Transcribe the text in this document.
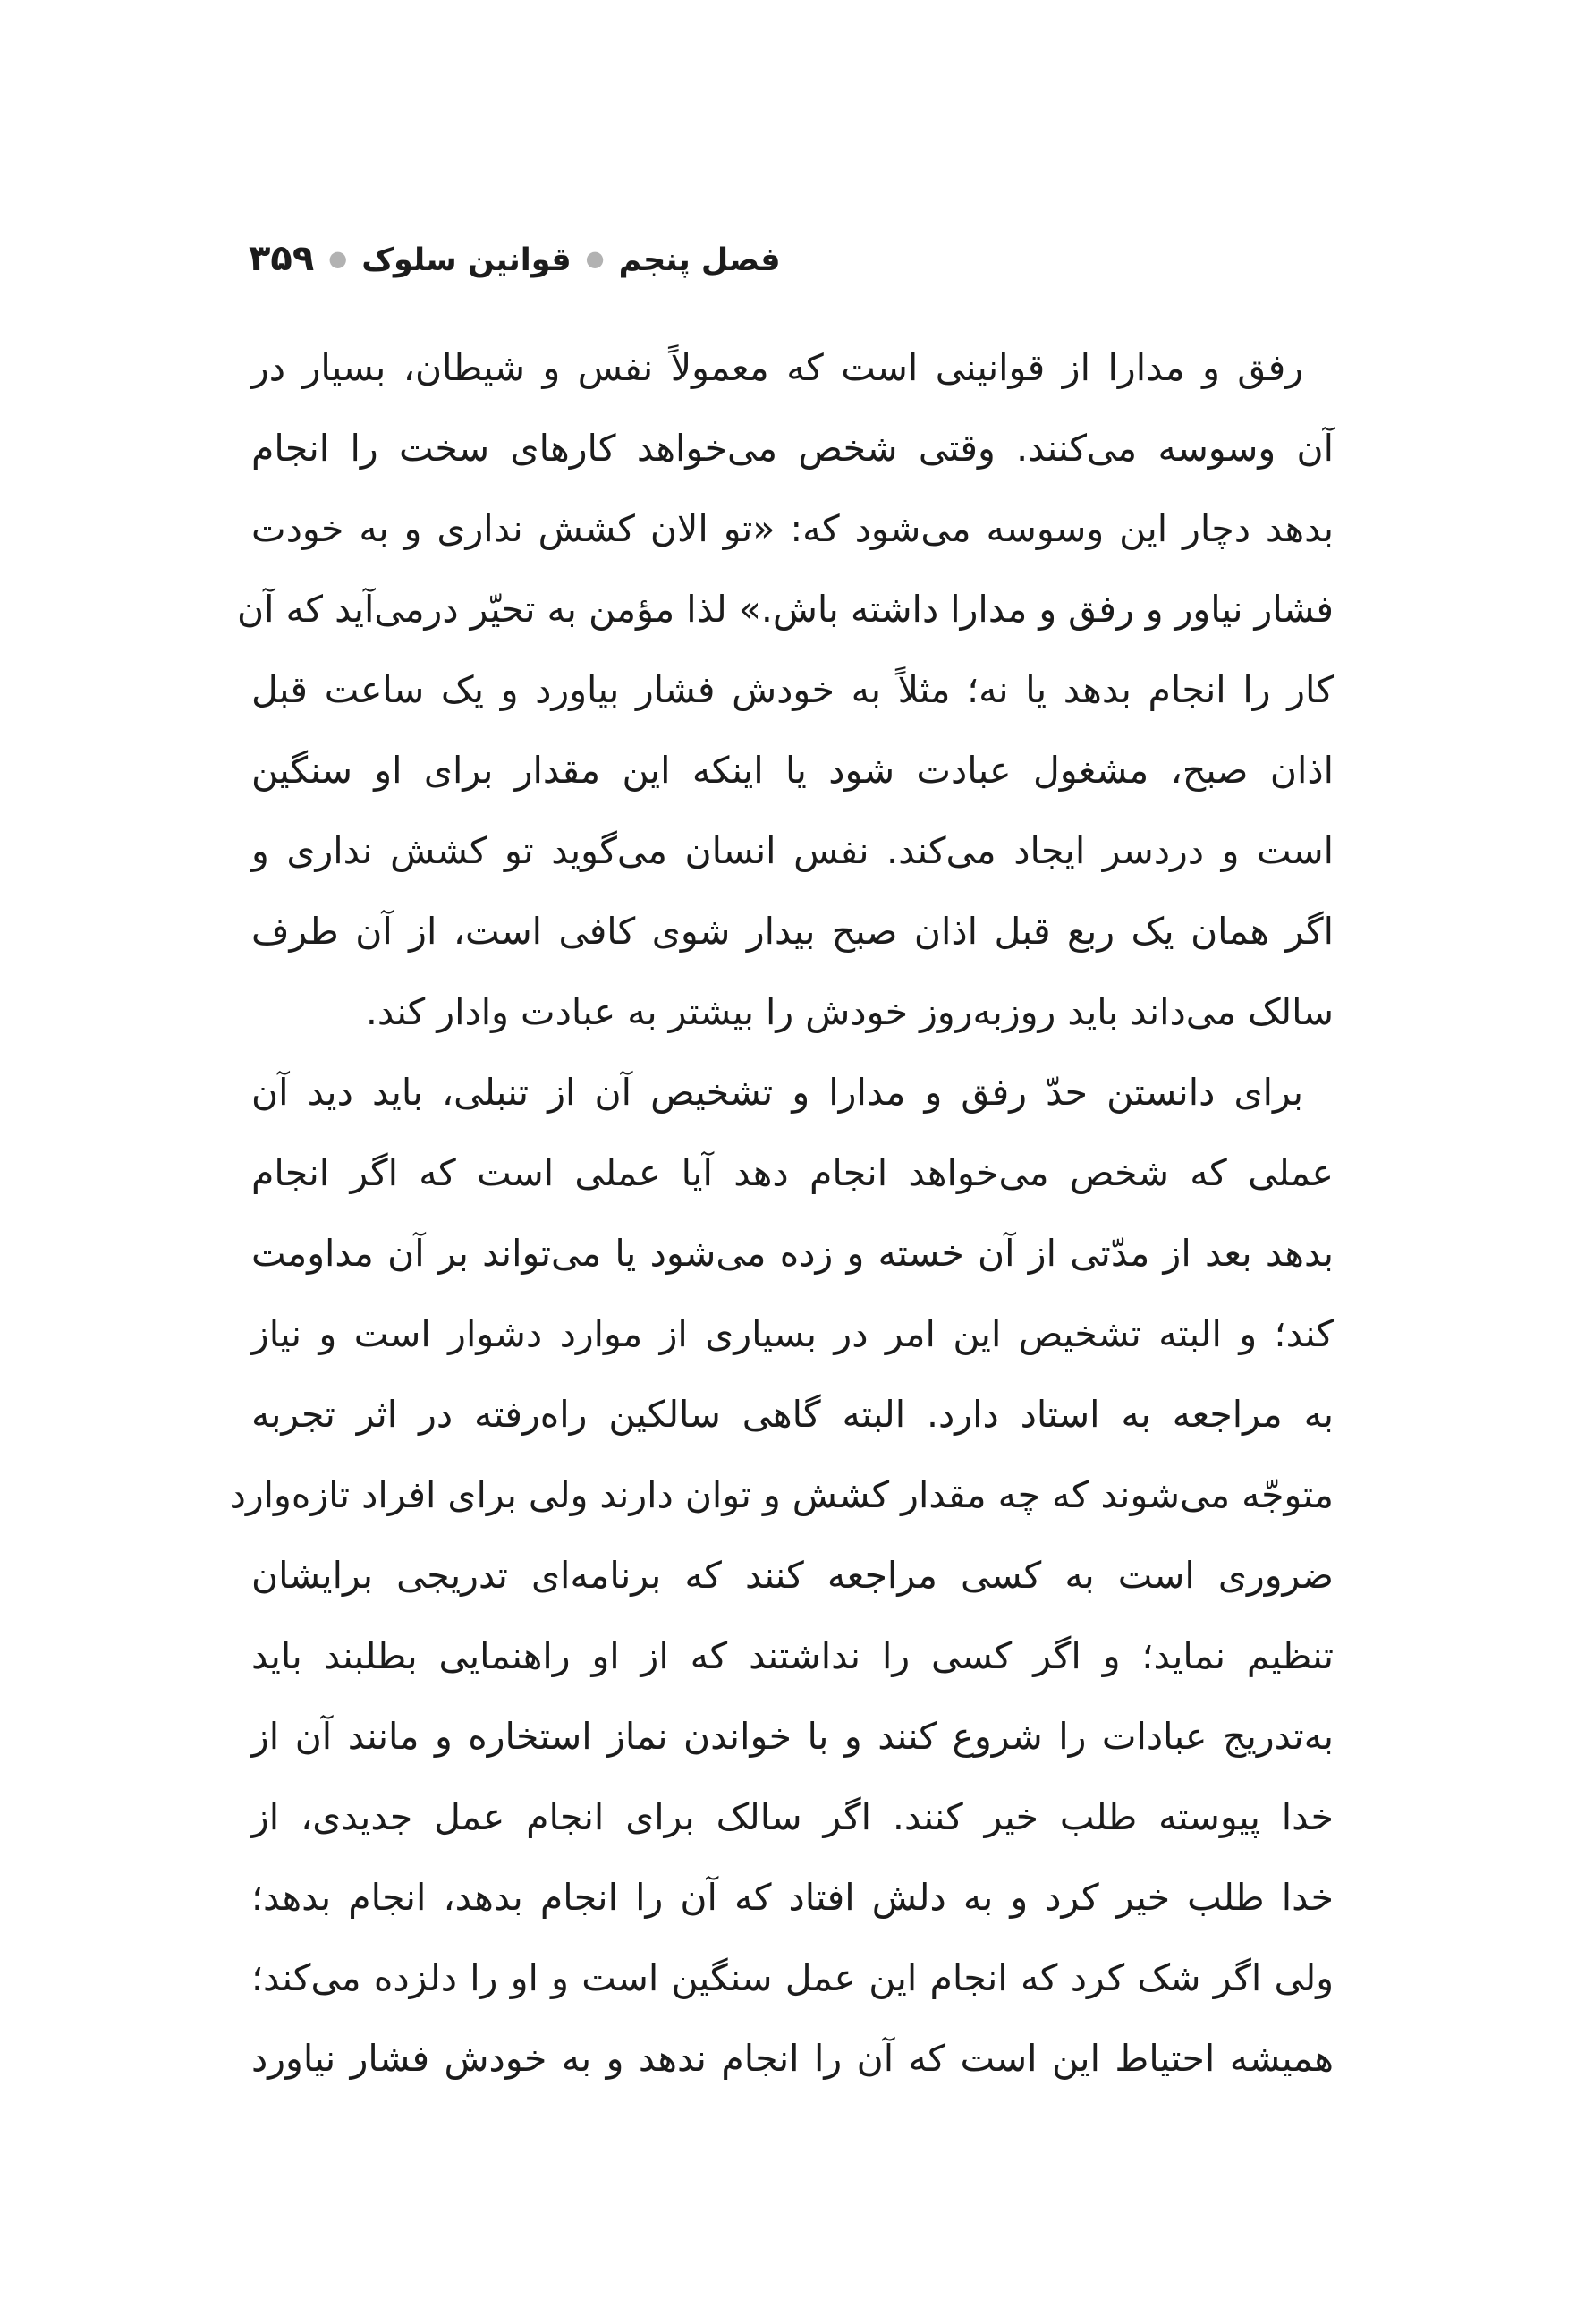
فصل پنجم●قوانین سلوک●۳۵۹
رفق و مدارا از قوانینی است که معمولاً نفس و شیطان، بسیار در
آن وسوسه می‌کنند. وقتی شخص می‌خواهد کارهای سخت را انجام
بدهد دچار این وسوسه می‌شود که: «تو الان کشش نداری و به خودت
فشار نیاور و رفق و مدارا داشته باش.» لذا مؤمن به تحیّر درمی‌آید که آن
کار را انجام بدهد یا نه؛ مثلاً به خودش فشار بیاورد و یک ساعت قبل
اذان صبح، مشغول عبادت شود یا اینکه این مقدار برای او سنگین
است و دردسر ایجاد می‌کند. نفس انسان می‌گوید تو کشش نداری و
اگر همان یک ربع قبل اذان صبح بیدار شوی کافی است، از آن طرف
سالک می‌داند باید روزبه‌روز خودش را بیشتر به عبادت وادار کند.
برای دانستن حدّ رفق و مدارا و تشخیص آن از تنبلی، باید دید آن
عملی که شخص می‌خواهد انجام دهد آیا عملی است که اگر انجام
بدهد بعد از مدّتی از آن خسته و زده می‌شود یا می‌تواند بر آن مداومت
کند؛ و البته تشخیص این امر در بسیاری از موارد دشوار است و نیاز
به مراجعه به استاد دارد. البته گاهی سالکین راه‌رفته در اثر تجربه
متوجّه می‌شوند که چه مقدار کشش و توان دارند ولی برای افراد تازه‌وارد
ضروری است به کسی مراجعه کنند که برنامه‌ای تدریجی برایشان
تنظیم نماید؛ و اگر کسی را نداشتند که از او راهنمایی بطلبند باید
به‌تدریج عبادات را شروع کنند و با خواندن نماز استخاره و مانند آن از
خدا پیوسته طلب خیر کنند. اگر سالک برای انجام عمل جدیدی، از
خدا طلب خیر کرد و به دلش افتاد که آن را انجام بدهد، انجام بدهد؛
ولی اگر شک کرد که انجام این عمل سنگین است و او را دلزده می‌کند؛
همیشه احتیاط این است که آن را انجام ندهد و به خودش فشار نیاورد
